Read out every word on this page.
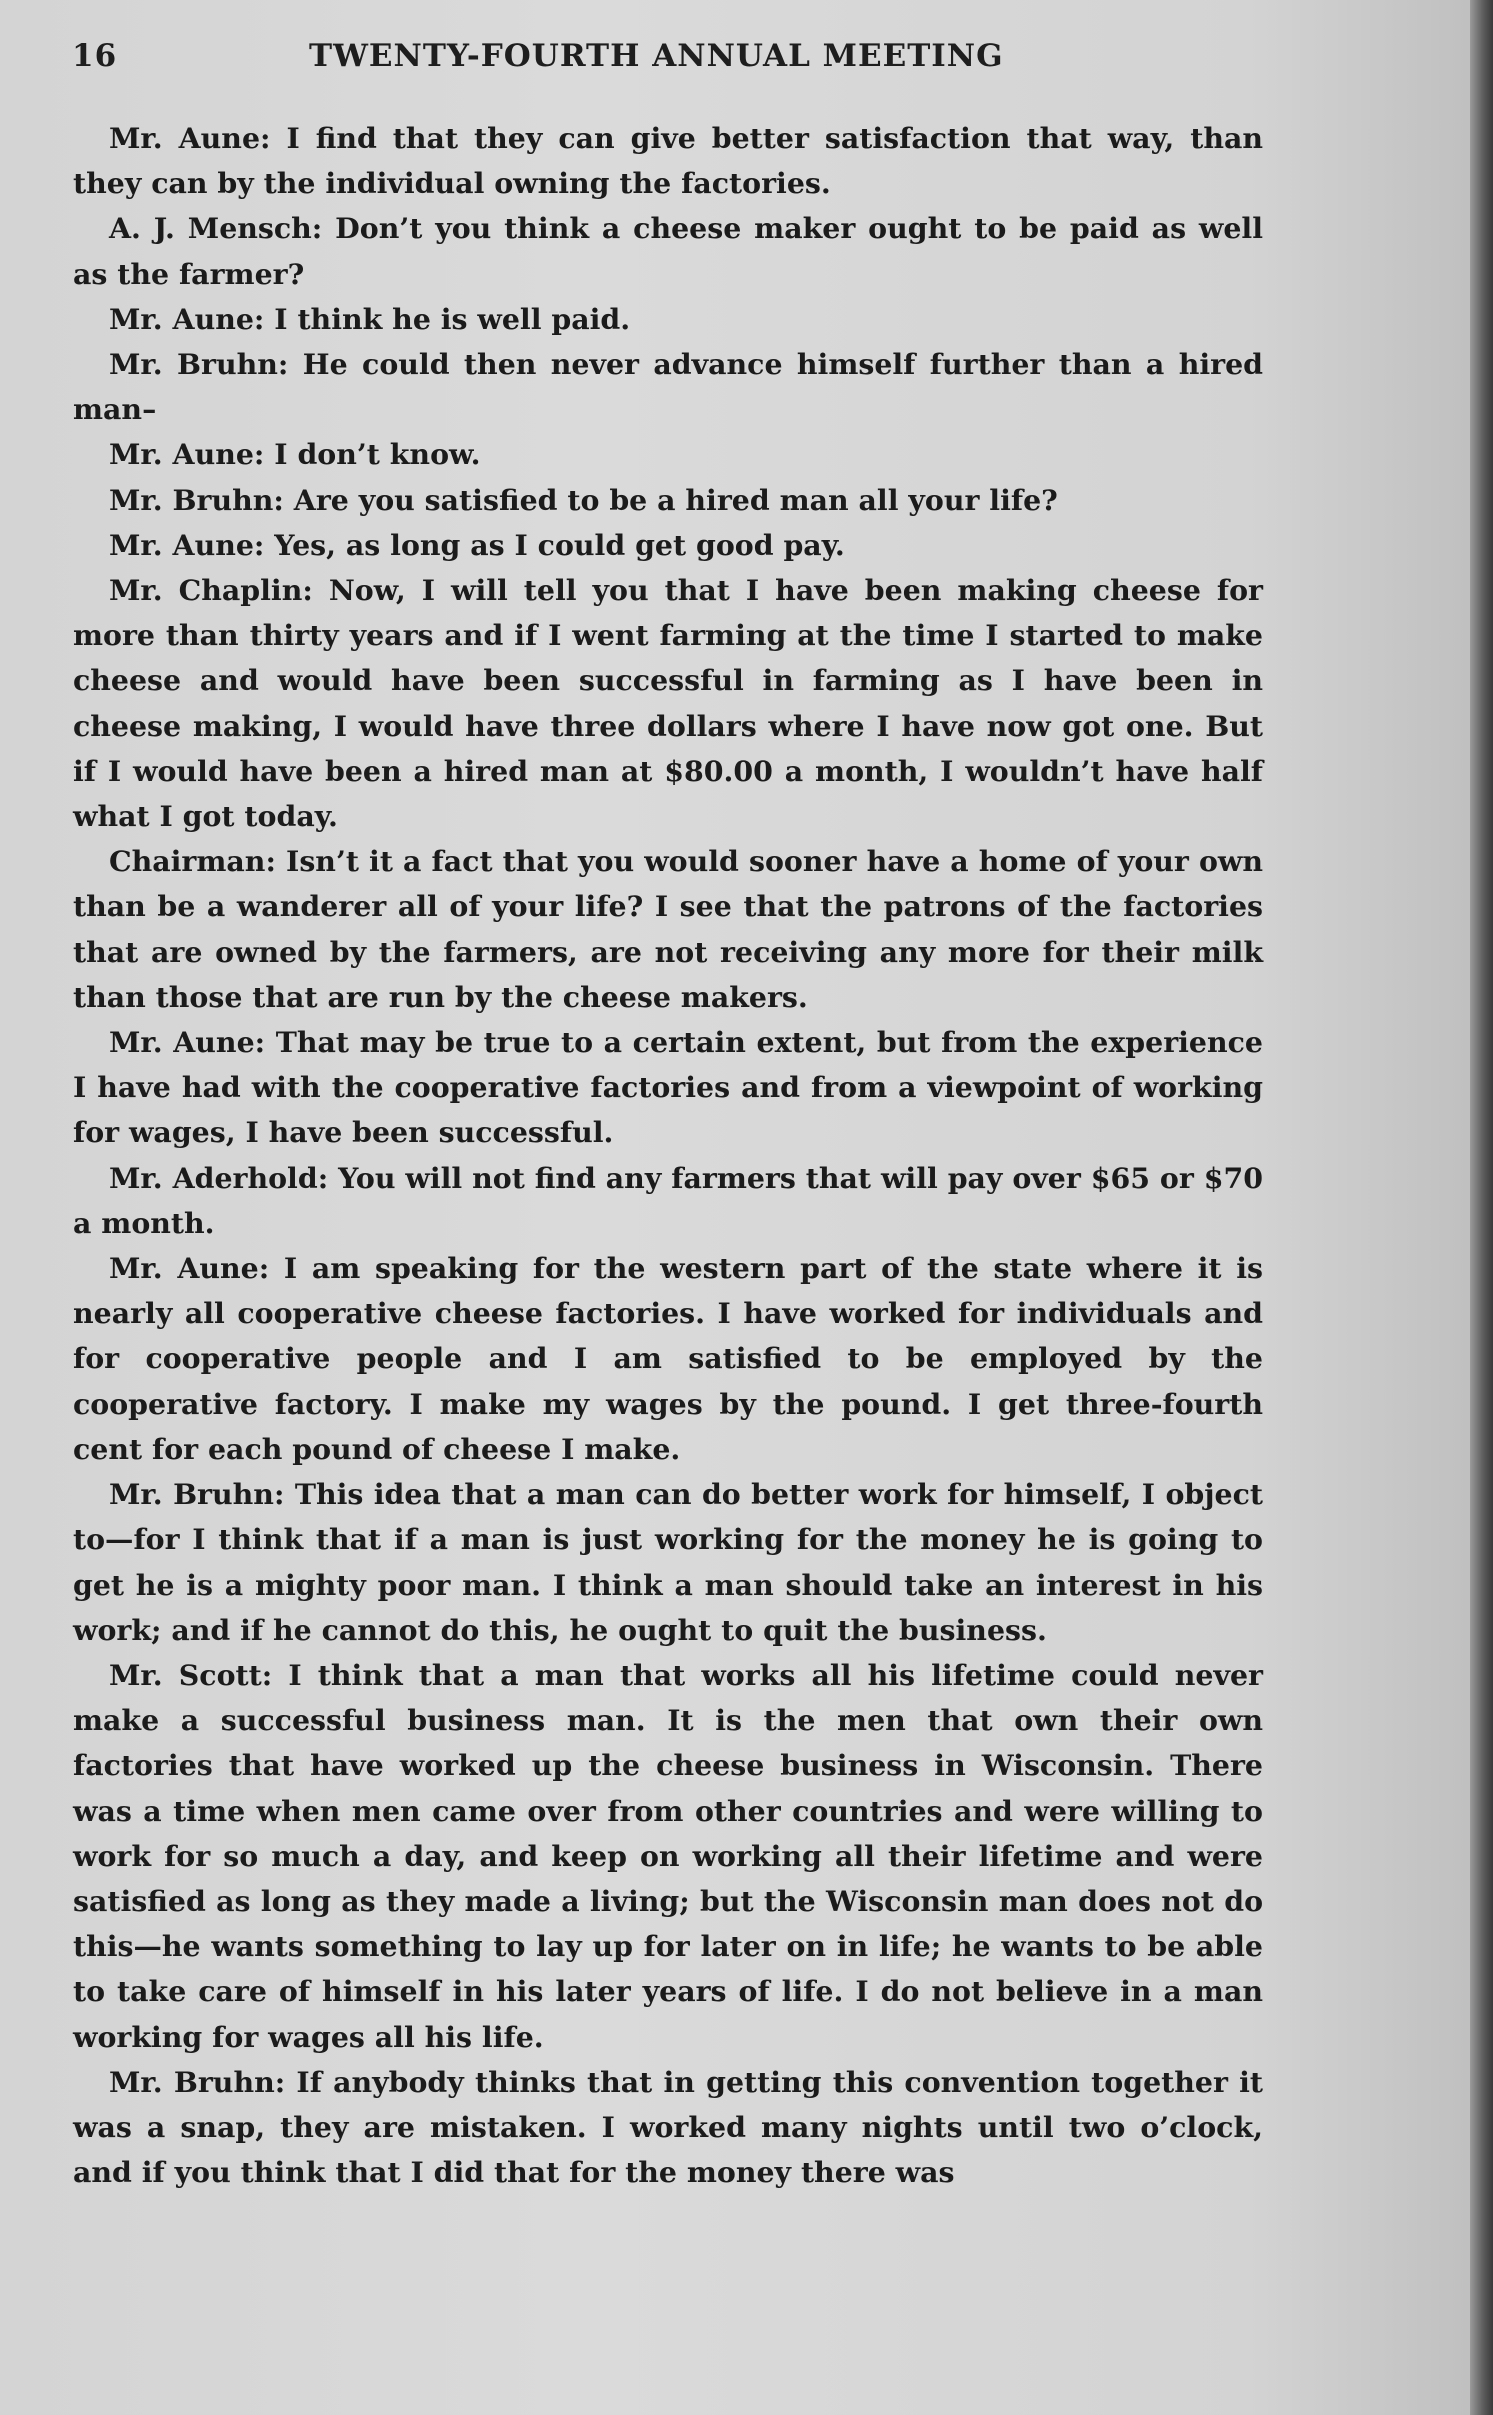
16	TWENTY-FOURTH ANNUAL MEETING

Mr. Aune: I find that they can give better satisfaction that way, than they can by the individual owning the factories.

A. J. Mensch: Don’t you think a cheese maker ought to be paid as well as the farmer?

Mr. Aune: I think he is well paid.

Mr. Bruhn: He could then never advance himself further than a hired man–

Mr. Aune: I don’t know.

Mr. Bruhn: Are you satisfied to be a hired man all your life?

Mr. Aune: Yes, as long as I could get good pay.

Mr. Chaplin: Now, I will tell you that I have been making cheese for more than thirty years and if I went farming at the time I started to make cheese and would have been successful in farming as I have been in cheese making, I would have three dollars where I have now got one. But if I would have been a hired man at $80.00 a month, I wouldn’t have half what I got today.

Chairman: Isn’t it a fact that you would sooner have a home of your own than be a wanderer all of your life? I see that the patrons of the factories that are owned by the farmers, are not receiving any more for their milk than those that are run by the cheese makers.

Mr. Aune: That may be true to a certain extent, but from the experience I have had with the cooperative factories and from a viewpoint of working for wages, I have been successful.

Mr. Aderhold: You will not find any farmers that will pay over $65 or $70 a month.

Mr. Aune: I am speaking for the western part of the state where it is nearly all cooperative cheese factories. I have worked for individuals and for cooperative people and I am satisfied to be employed by the cooperative factory. I make my wages by the pound. I get three-fourth cent for each pound of cheese I make.

Mr. Bruhn: This idea that a man can do better work for himself, I object to—for I think that if a man is just working for the money he is going to get he is a mighty poor man. I think a man should take an interest in his work; and if he cannot do this, he ought to quit the business.

Mr. Scott: I think that a man that works all his lifetime could never make a successful business man. It is the men that own their own factories that have worked up the cheese business in Wisconsin. There was a time when men came over from other countries and were willing to work for so much a day, and keep on working all their lifetime and were satisfied as long as they made a living; but the Wisconsin man does not do this—he wants something to lay up for later on in life; he wants to be able to take care of himself in his later years of life. I do not believe in a man working for wages all his life.

Mr. Bruhn: If anybody thinks that in getting this convention together it was a snap, they are mistaken. I worked many nights until two o’clock, and if you think that I did that for the money there was
